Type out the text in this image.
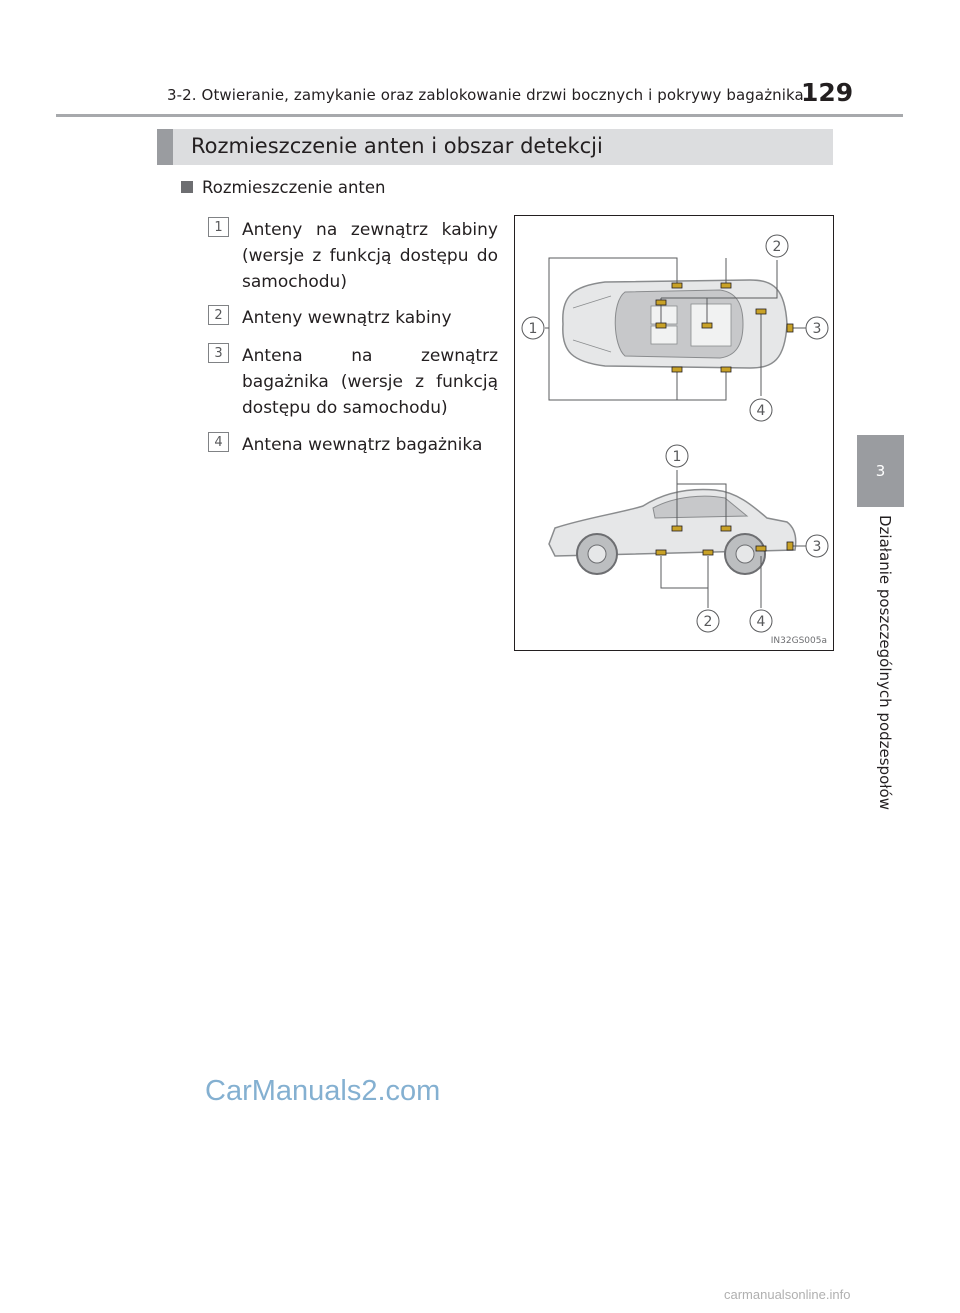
3-2. Otwieranie, zamykanie oraz zablokowanie drzwi bocznych i pokrywy bagażnika
129
Rozmieszczenie anten i obszar detekcji
Rozmieszczenie anten
1	Anteny na zewnątrz kabiny (wersje z funkcją dostępu do samochodu)
2	Anteny wewnątrz kabiny
3	Antena na zewnątrz bagażnika (wersje z funkcją dostępu do samochodu)
4	Antena wewnątrz bagażnika
1
2
3
4
1
3
2	4
IN32GS005a
3
Działanie poszczególnych podzespołów
CarManuals2.com
carmanualsonline.info
